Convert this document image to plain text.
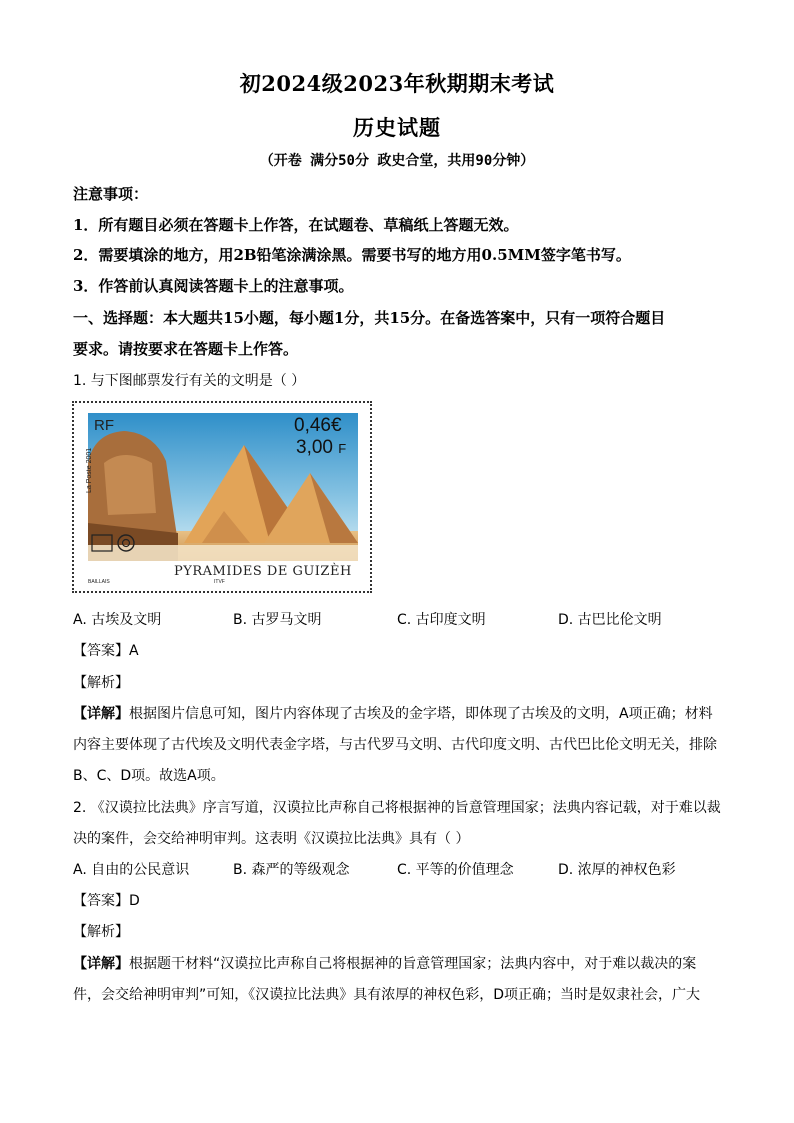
初2024级2023年秋期期末考试
历史试题
（开卷 满分50分 政史合堂，共用90分钟）
注意事项：
1．所有题目必须在答题卡上作答，在试题卷、草稿纸上答题无效。
2．需要填涂的地方，用2B铅笔涂满涂黑。需要书写的地方用0.5MM签字笔书写。
3．作答前认真阅读答题卡上的注意事项。
一、选择题：本大题共15小题，每小题1分，共15分。在备选答案中，只有一项符合题目
要求。请按要求在答题卡上作答。
1. 与下图邮票发行有关的文明是（ ）
RF	0,46€
3,00 F
La Poste 2001
PYRAMIDES DE GUIZÈH
BAILLAIS	ITVF
A. 古埃及文明	B. 古罗马文明	C. 古印度文明	D. 古巴比伦文明
【答案】A
【解析】
【详解】根据图片信息可知，图片内容体现了古埃及的金字塔，即体现了古埃及的文明，A项正确；材料
内容主要体现了古代埃及文明代表金字塔，与古代罗马文明、古代印度文明、古代巴比伦文明无关，排除
B、C、D项。故选A项。
2. 《汉谟拉比法典》序言写道，汉谟拉比声称自己将根据神的旨意管理国家；法典内容记载，对于难以裁
决的案件，会交给神明审判。这表明《汉谟拉比法典》具有（ ）
A. 自由的公民意识	B. 森严的等级观念	C. 平等的价值理念	D. 浓厚的神权色彩
【答案】D
【解析】
【详解】根据题干材料“汉谟拉比声称自己将根据神的旨意管理国家；法典内容中，对于难以裁决的案
件，会交给神明审判”可知，《汉谟拉比法典》具有浓厚的神权色彩，D项正确；当时是奴隶社会，广大
